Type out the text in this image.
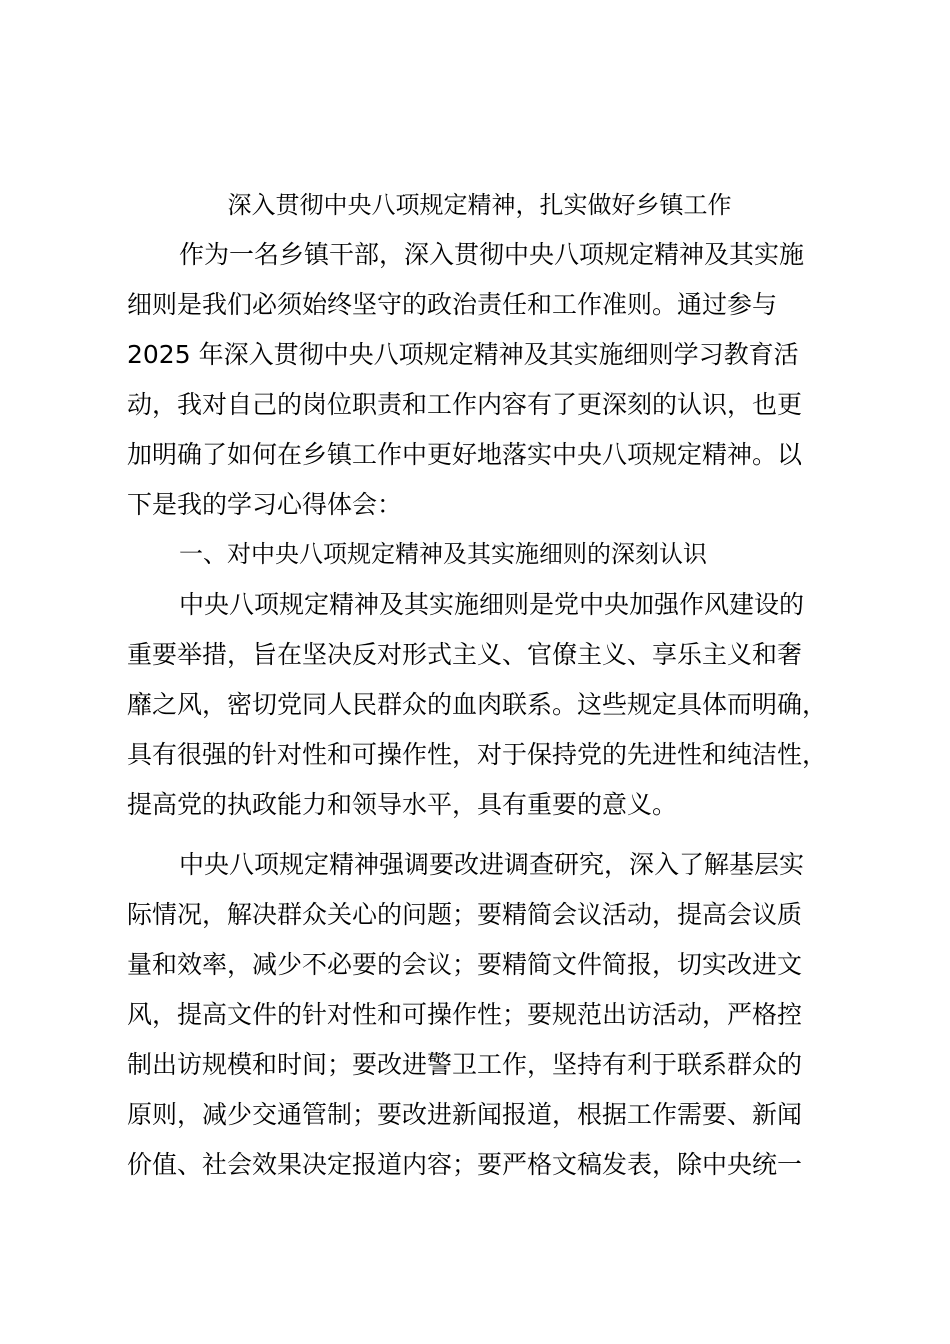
深入贯彻中央八项规定精神，扎实做好乡镇工作
作为一名乡镇干部，深入贯彻中央八项规定精神及其实施
细则是我们必须始终坚守的政治责任和工作准则。通过参与
2025 年深入贯彻中央八项规定精神及其实施细则学习教育活
动，我对自己的岗位职责和工作内容有了更深刻的认识，也更
加明确了如何在乡镇工作中更好地落实中央八项规定精神。以
下是我的学习心得体会：
一、对中央八项规定精神及其实施细则的深刻认识
中央八项规定精神及其实施细则是党中央加强作风建设的
重要举措，旨在坚决反对形式主义、官僚主义、享乐主义和奢
靡之风，密切党同人民群众的血肉联系。这些规定具体而明确，
具有很强的针对性和可操作性，对于保持党的先进性和纯洁性，
提高党的执政能力和领导水平，具有重要的意义。
中央八项规定精神强调要改进调查研究，深入了解基层实
际情况，解决群众关心的问题；要精简会议活动，提高会议质
量和效率，减少不必要的会议；要精简文件简报，切实改进文
风，提高文件的针对性和可操作性；要规范出访活动，严格控
制出访规模和时间；要改进警卫工作，坚持有利于联系群众的
原则，减少交通管制；要改进新闻报道，根据工作需要、新闻
价值、社会效果决定报道内容；要严格文稿发表，除中央统一
